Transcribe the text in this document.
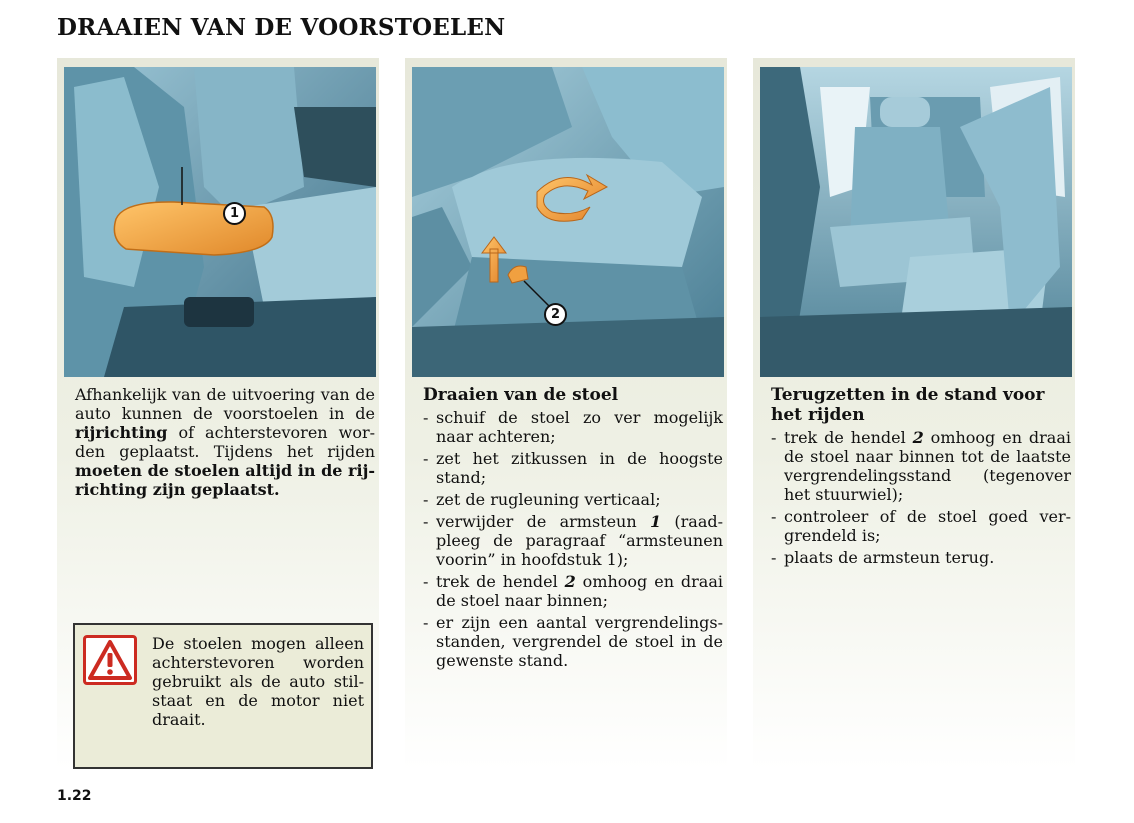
DRAAIEN VAN DE VOORSTOELEN
1

Afhankelijk van de uitvoering van de auto kunnen de voorstoelen in de rijrichting of achterstevoren wor-den geplaatst. Tijdens het rijden moeten de stoelen altijd in de rij-richting zijn geplaatst.

De stoelen mogen alleen achterstevoren worden gebruikt als de auto stil-staat en de motor niet draait.
2
Draaien van de stoel
- schuif de stoel zo ver mogelijk naar achteren;
- zet het zitkussen in de hoogste stand;
- zet de rugleuning verticaal;
- verwijder de armsteun 1 (raad-pleeg de paragraaf “armsteunen voorin” in hoofdstuk 1);
- trek de hendel 2 omhoog en draai de stoel naar binnen;
- er zijn een aantal vergrendelings-standen, vergrendel de stoel in de gewenste stand.
Terugzetten in de stand voor het rijden
- trek de hendel 2 omhoog en draai de stoel naar binnen tot de laatste vergrendelingsstand (tegenover het stuurwiel);
- controleer of de stoel goed ver-grendeld is;
- plaats de armsteun terug.
1.22
